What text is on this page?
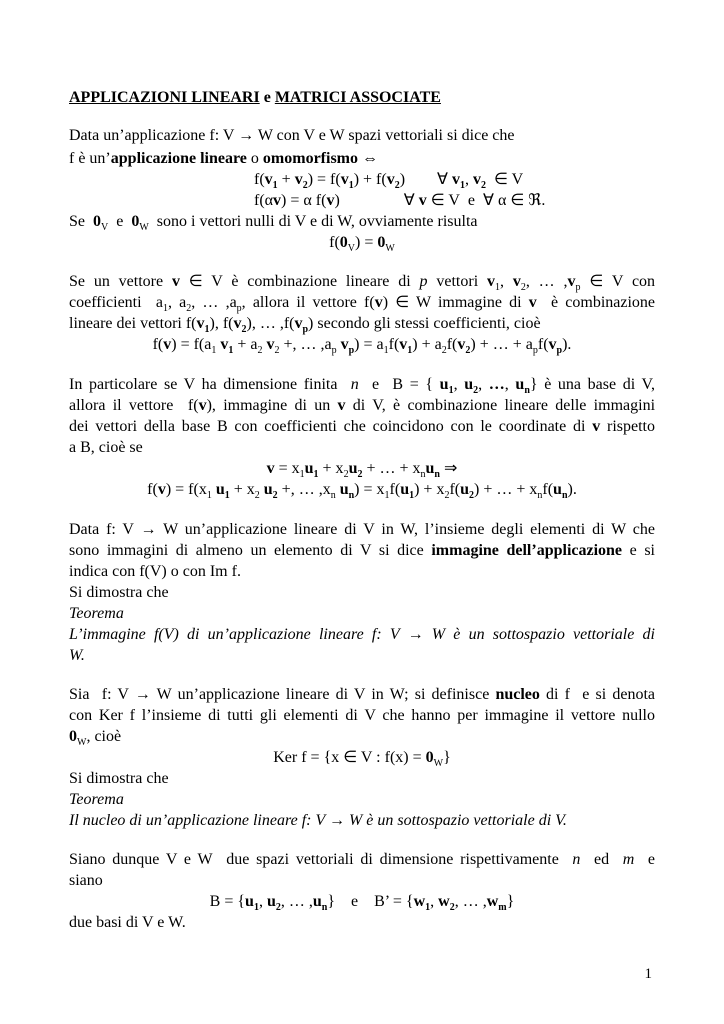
APPLICAZIONI LINEARI e MATRICI ASSOCIATE
Data un’applicazione f: V → W con V e W spazi vettoriali si dice che
f è un’applicazione lineare o omomorfismo ⇔
$f(v_1 + v_2) = f(v_1) + f(v_2)$        ∀ $v_1$, $v_2$  ∈ V
f(αv) = α f(v)                ∀ v ∈ V  e  ∀ α ∈ ℜ.
Se  $0_V$  e  $0_W$  sono i vettori nulli di V e di W, ovviamente risulta
$f(0_V) = 0_W$
Se un vettore v ∈ V è combinazione lineare di p vettori $v_1$, $v_2$, … $,v_p$ ∈ V con
coefficienti  $a_1$, $a_2$, … $,a_p$, allora il vettore f(v) ∈ W immagine di v  è combinazione
lineare dei vettori $f(v_1)$, $f(v_2)$, … $,f(v_p)$ secondo gli stessi coefficienti, cioè
$f(v) = f(a_1$ $v_1 + a_2$ $v_2$ +, … $,a_p$ $v_p) = a_1f(v_1) + a_2f(v_2)$ + … + $a_pf(v_p)$.
In particolare se V ha dimensione finita  n  e  B = { $u_1$, $u_2$, …, $u_n$} è una base di V,
allora il vettore  f(v), immagine di un v di V, è combinazione lineare delle immagini
dei vettori della base B con coefficienti che coincidono con le coordinate di v rispetto
a B, cioè se
$v = x_1u_1 + x_2u_2$ + … + $x_nu_n$ ⇒
$f(v) = f(x_1$ $u_1 + x_2$ $u_2$ +, … $,x_n$ $u_n) = x_1f(u_1) + x_2f(u_2)$ + … + $x_nf(u_n)$.
Data f: V → W un’applicazione lineare di V in W, l’insieme degli elementi di W che
sono immagini di almeno un elemento di V si dice immagine dell’applicazione e si
indica con f(V) o con Im f.
Si dimostra che
Teorema
L’immagine f(V) di un’applicazione lineare f: V → W è un sottospazio vettoriale di
W.
Sia  f: V → W un’applicazione lineare di V in W; si definisce nucleo di f  e si denota
con Ker f l’insieme di tutti gli elementi di V che hanno per immagine il vettore nullo
$0_W$, cioè
Ker f = {x ∈ V : $f(x) = 0_W$}
Si dimostra che
Teorema
Il nucleo di un’applicazione lineare f: V → W è un sottospazio vettoriale di V.
Siano dunque V e W  due spazi vettoriali di dimensione rispettivamente  n  ed  m  e
siano
$B = \{u_1$, $u_2$, … $,u_n$}    e    B’ = {$w_1$, $w_2$, … $,w_m$}
due basi di V e W.
1
